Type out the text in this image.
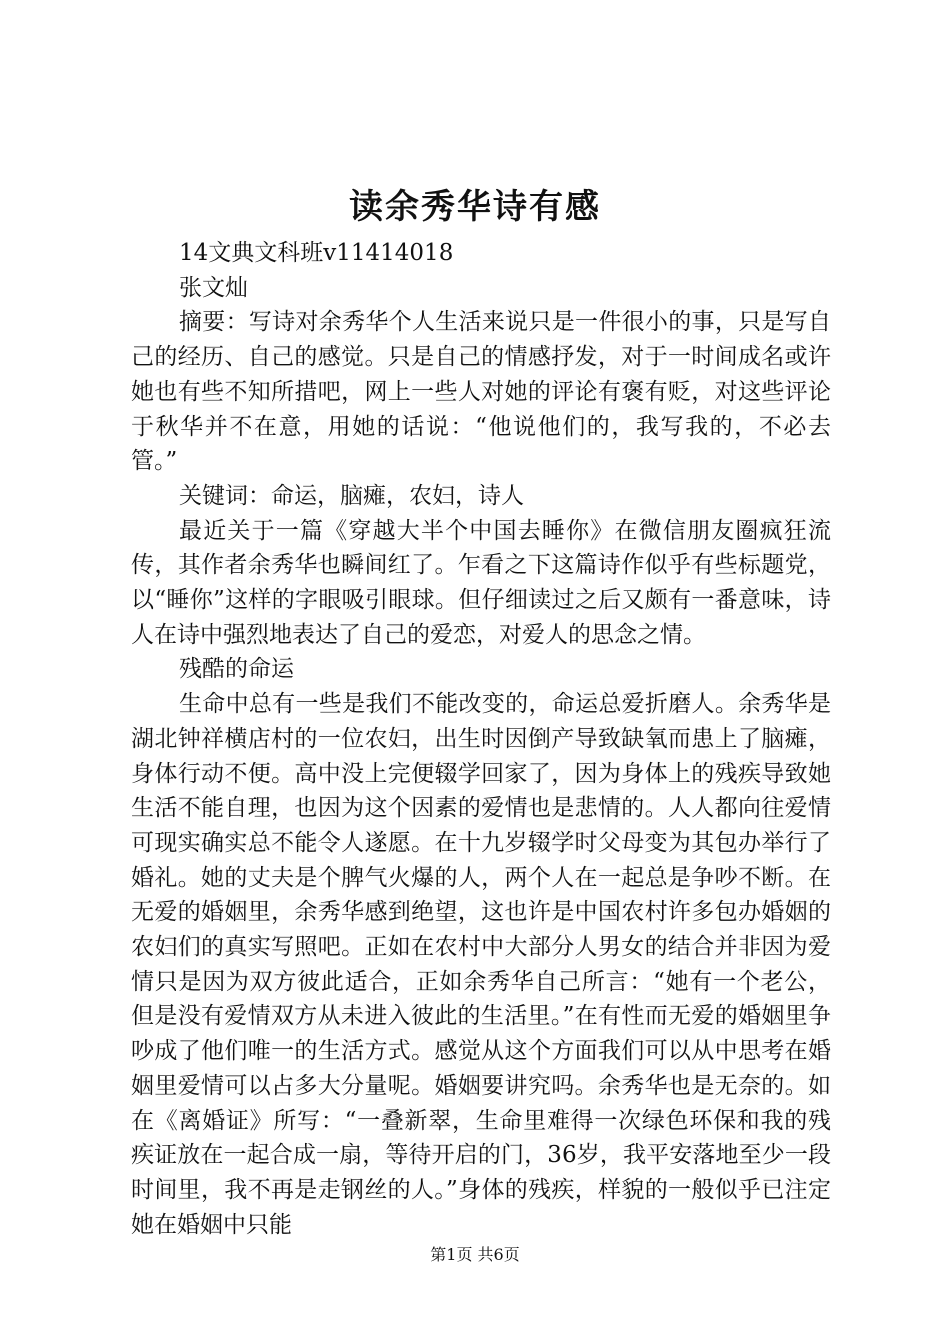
读余秀华诗有感

14文典文科班v11414018

张文灿

摘要：写诗对余秀华个人生活来说只是一件很小的事，只是写自己的经历、自己的感觉。只是自己的情感抒发，对于一时间成名或许她也有些不知所措吧，网上一些人对她的评论有褒有贬，对这些评论于秋华并不在意，用她的话说：“他说他们的，我写我的，不必去管。”

关键词：命运，脑瘫，农妇，诗人

最近关于一篇《穿越大半个中国去睡你》在微信朋友圈疯狂流传，其作者余秀华也瞬间红了。乍看之下这篇诗作似乎有些标题党，以“睡你”这样的字眼吸引眼球。但仔细读过之后又颇有一番意味，诗人在诗中强烈地表达了自己的爱恋，对爱人的思念之情。

残酷的命运

生命中总有一些是我们不能改变的，命运总爱折磨人。余秀华是湖北钟祥横店村的一位农妇，出生时因倒产导致缺氧而患上了脑瘫，身体行动不便。高中没上完便辍学回家了，因为身体上的残疾导致她生活不能自理，也因为这个因素的爱情也是悲情的。人人都向往爱情可现实确实总不能令人遂愿。在十九岁辍学时父母变为其包办举行了婚礼。她的丈夫是个脾气火爆的人，两个人在一起总是争吵不断。在无爱的婚姻里，余秀华感到绝望，这也许是中国农村许多包办婚姻的农妇们的真实写照吧。正如在农村中大部分人男女的结合并非因为爱情只是因为双方彼此适合，正如余秀华自己所言：“她有一个老公，但是没有爱情双方从未进入彼此的生活里。”在有性而无爱的婚姻里争吵成了他们唯一的生活方式。感觉从这个方面我们可以从中思考在婚姻里爱情可以占多大分量呢。婚姻要讲究吗。余秀华也是无奈的。如在《离婚证》所写：“一叠新翠，生命里难得一次绿色环保和我的残疾证放在一起合成一扇，等待开启的门，36岁，我平安落地至少一段时间里，我不再是走钢丝的人。”身体的残疾，样貌的一般似乎已注定她在婚姻中只能

第1页 共6页
